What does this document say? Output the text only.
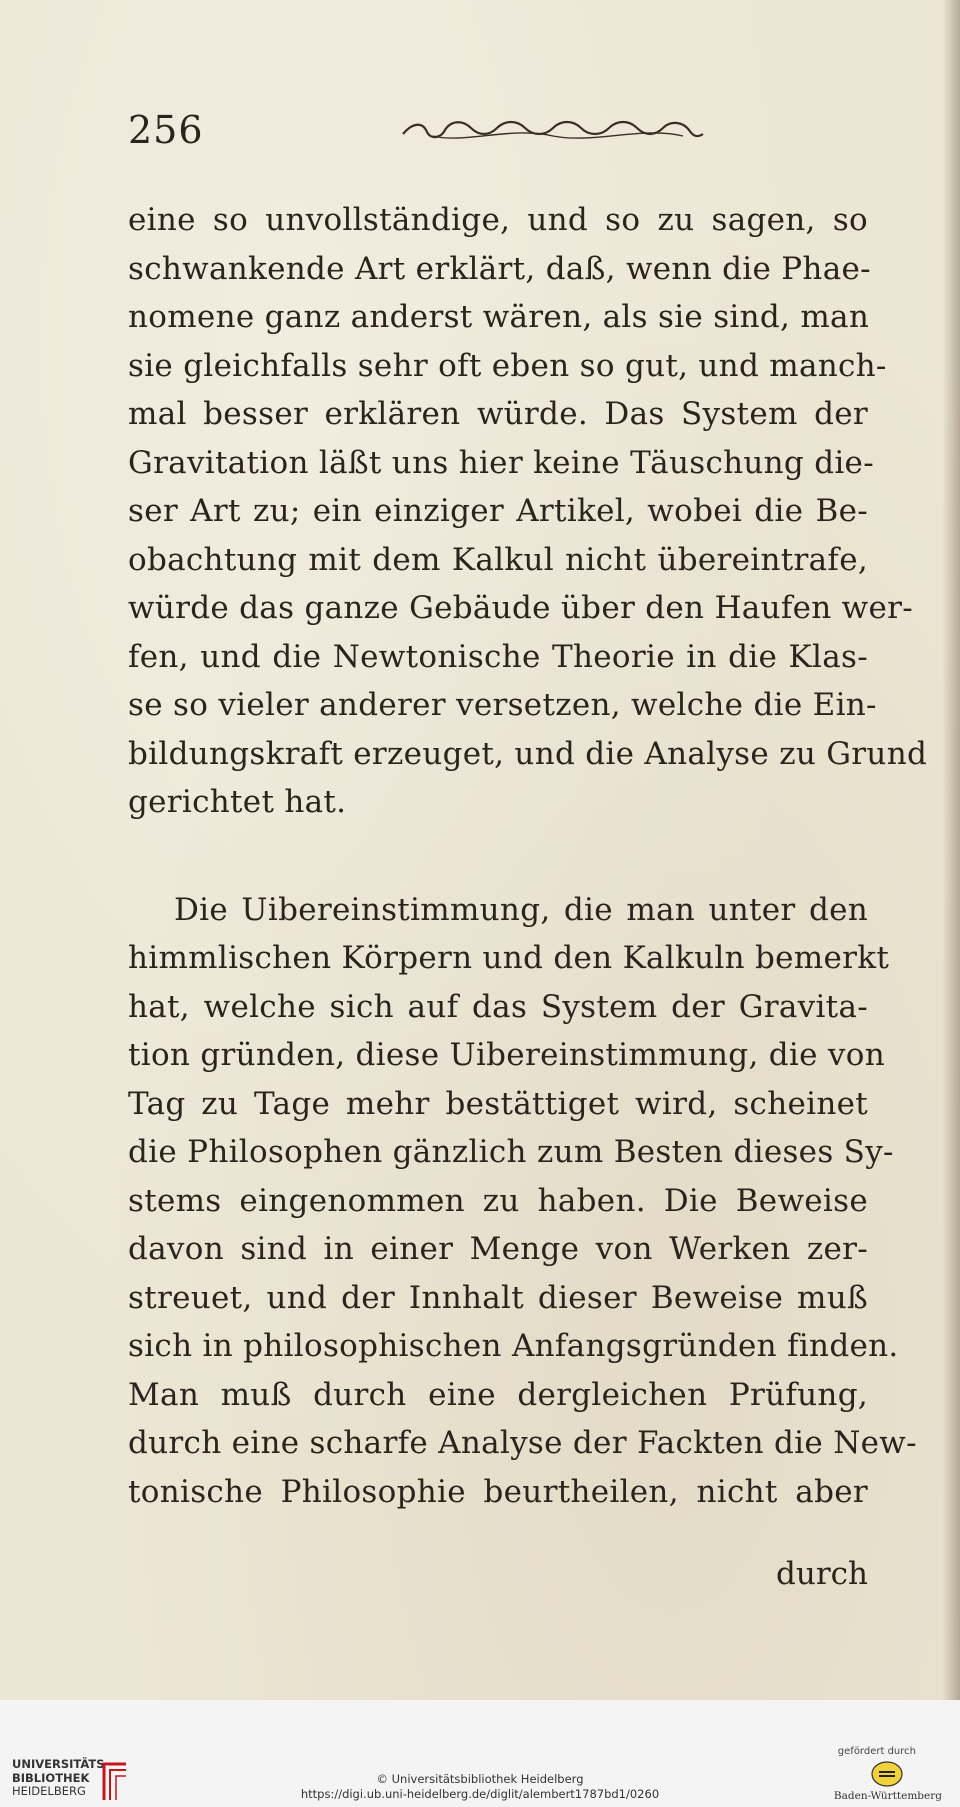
256
eine so unvollständige, und so zu sagen, so
schwankende Art erklärt, daß, wenn die Phae-
nomene ganz anderst wären, als sie sind, man
sie gleichfalls sehr oft eben so gut, und manch-
mal besser erklären würde. Das System der
Gravitation läßt uns hier keine Täuschung die-
ser Art zu; ein einziger Artikel, wobei die Be-
obachtung mit dem Kalkul nicht übereintrafe,
würde das ganze Gebäude über den Haufen wer-
fen, und die Newtonische Theorie in die Klas-
se so vieler anderer versetzen, welche die Ein-
bildungskraft erzeuget, und die Analyse zu Grund
gerichtet hat.
Die Uibereinstimmung, die man unter den
himmlischen Körpern und den Kalkuln bemerkt
hat, welche sich auf das System der Gravita-
tion gründen, diese Uibereinstimmung, die von
Tag zu Tage mehr bestättiget wird, scheinet
die Philosophen gänzlich zum Besten dieses Sy-
stems eingenommen zu haben. Die Beweise
davon sind in einer Menge von Werken zer-
streuet, und der Innhalt dieser Beweise muß
sich in philosophischen Anfangsgründen finden.
Man muß durch eine dergleichen Prüfung,
durch eine scharfe Analyse der Fackten die New-
tonische Philosophie beurtheilen, nicht aber
durch
UNIVERSITÄTS-
BIBLIOTHEK
HEIDELBERG
© Universitätsbibliothek Heidelberg
https://digi.ub.uni-heidelberg.de/diglit/alembert1787bd1/0260
gefördert durch
Baden-Württemberg
